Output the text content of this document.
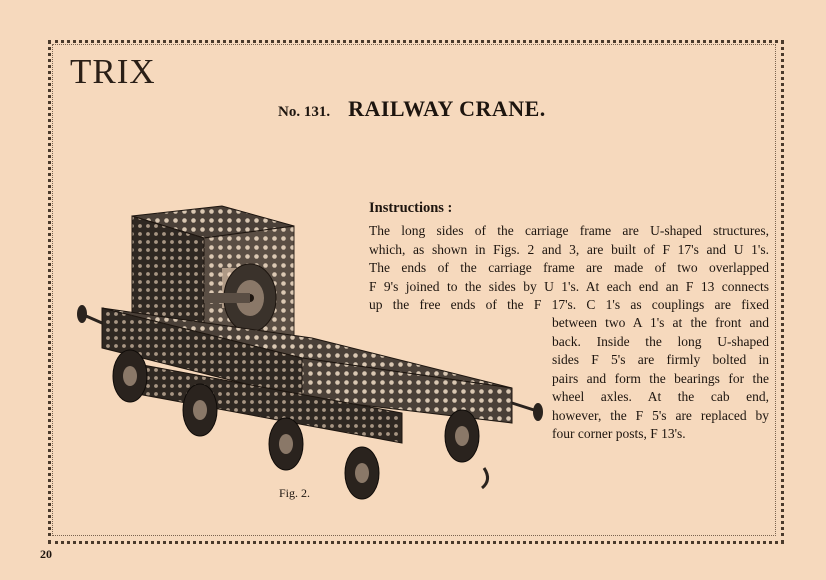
TRIX
No. 131. RAILWAY CRANE.
Instructions :
The long sides of the carriage frame are U-shaped structures,
which, as shown in Figs. 2 and 3, are built of F 17's and U 1's.
The ends of the carriage frame are made of two overlapped
F 9's joined to the sides by U 1's. At each end an F 13 connects
up the free ends of the F 17's. C 1's as couplings are fixed
between two A 1's at the front and
back. Inside the long U-shaped
sides F 5's are firmly bolted in
pairs and form the bearings for the
wheel axles. At the cab end,
however, the F 5's are replaced by
four corner posts, F 13's.
Fig. 2.
20
